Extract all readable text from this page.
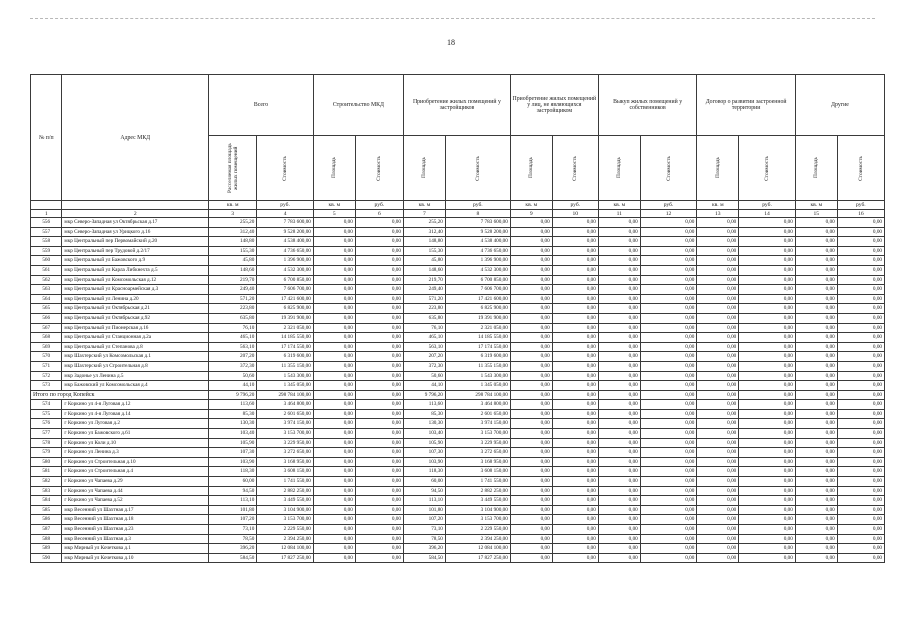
18
№ п/п	Адрес МКД	Всего		Строительство МКД		Приобретение жилых помещений у застройщиков		Приобретение жилых помещений у лиц, не являющихся застройщиком		Выкуп жилых помещений у собственников		Договор о развитии застроенной территории		Другие	

		Расселяемая площадь жилых помещений	Стоимость	Площадь	Стоимость	Площадь	Стоимость	Площадь	Стоимость	Площадь	Стоимость	Площадь	Стоимость	Площадь	Стоимость

		кв. м	руб.	кв. м	руб.	кв. м	руб.	кв. м	руб.	кв. м	руб.	кв. м	руб.	кв. м	руб.
1	2	3	4	5	6	7	8	9	10	11	12	13	14	15	16
556	мкр Северо-Западная ул Октябрьская д.17	255,20	7 783 600,00	0,00	0,00	255,20	7 783 600,00	0,00	0,00	0,00	0,00	0,00	0,00	0,00	0,00
557	мкр Северо-Западная ул Урицкого д.16	312,40	9 528 200,00	0,00	0,00	312,40	9 528 200,00	0,00	0,00	0,00	0,00	0,00	0,00	0,00	0,00
558	мкр Центральный пер Первомайский д.20	148,80	4 538 400,00	0,00	0,00	148,80	4 538 400,00	0,00	0,00	0,00	0,00	0,00	0,00	0,00	0,00
559	мкр Центральный пер Трудовой д.2/17	155,30	4 736 650,00	0,00	0,00	155,30	4 736 650,00	0,00	0,00	0,00	0,00	0,00	0,00	0,00	0,00
560	мкр Центральный ул Бажовского д.9	45,80	1 396 900,00	0,00	0,00	45,80	1 396 900,00	0,00	0,00	0,00	0,00	0,00	0,00	0,00	0,00
561	мкр Центральный ул Карла Либкнехта д.5	148,60	4 532 300,00	0,00	0,00	148,60	4 532 300,00	0,00	0,00	0,00	0,00	0,00	0,00	0,00	0,00
562	мкр Центральный ул Комсомольская д.12	219,70	6 700 850,00	0,00	0,00	219,70	6 700 850,00	0,00	0,00	0,00	0,00	0,00	0,00	0,00	0,00
563	мкр Центральный ул Красноармейская д.3	249,40	7 606 700,00	0,00	0,00	249,40	7 606 700,00	0,00	0,00	0,00	0,00	0,00	0,00	0,00	0,00
564	мкр Центральный ул Ленина д.20	571,20	17 421 600,00	0,00	0,00	571,20	17 421 600,00	0,00	0,00	0,00	0,00	0,00	0,00	0,00	0,00
565	мкр Центральный ул Октябрьская д.21	223,80	6 825 900,00	0,00	0,00	223,80	6 825 900,00	0,00	0,00	0,00	0,00	0,00	0,00	0,00	0,00
566	мкр Центральный ул Октябрьская д.92	635,80	19 391 900,00	0,00	0,00	635,80	19 391 900,00	0,00	0,00	0,00	0,00	0,00	0,00	0,00	0,00
567	мкр Центральный ул Пионерская д.16	76,10	2 321 050,00	0,00	0,00	76,10	2 321 050,00	0,00	0,00	0,00	0,00	0,00	0,00	0,00	0,00
568	мкр Центральный ул Станционная д.2а	465,10	14 185 550,00	0,00	0,00	465,10	14 185 550,00	0,00	0,00	0,00	0,00	0,00	0,00	0,00	0,00
569	мкр Центральный ул Степанова д.8	563,10	17 174 550,00	0,00	0,00	563,10	17 174 550,00	0,00	0,00	0,00	0,00	0,00	0,00	0,00	0,00
570	мкр Шахтерский ул Комсомольская д.1	207,20	6 319 600,00	0,00	0,00	207,20	6 319 600,00	0,00	0,00	0,00	0,00	0,00	0,00	0,00	0,00
571	мкр Шахтерский ул Строительная д.8	372,30	11 355 150,00	0,00	0,00	372,30	11 355 150,00	0,00	0,00	0,00	0,00	0,00	0,00	0,00	0,00
572	мкр Задонье ул Ленина д.5	50,60	1 543 300,00	0,00	0,00	50,60	1 543 300,00	0,00	0,00	0,00	0,00	0,00	0,00	0,00	0,00
573	мкр Бажовский ул Комсомольская д.4	44,10	1 345 050,00	0,00	0,00	44,10	1 345 050,00	0,00	0,00	0,00	0,00	0,00	0,00	0,00	0,00
Итого по город Копейск		9 796,20	298 784 100,00	0,00	0,00	9 796,20	298 784 100,00	0,00	0,00	0,00	0,00	0,00	0,00	0,00	0,00
574	г Коркино ул 4-я Луговая д.12	113,60	3 464 800,00	0,00	0,00	113,60	3 464 800,00	0,00	0,00	0,00	0,00	0,00	0,00	0,00	0,00
575	г Коркино ул 4-я Луговая д.14	85,30	2 601 650,00	0,00	0,00	85,30	2 601 650,00	0,00	0,00	0,00	0,00	0,00	0,00	0,00	0,00
576	г Коркино ул Луговая д.2	130,30	3 974 150,00	0,00	0,00	130,30	3 974 150,00	0,00	0,00	0,00	0,00	0,00	0,00	0,00	0,00
577	г Коркино ул Бажовского д.61	103,40	3 153 700,00	0,00	0,00	103,40	3 153 700,00	0,00	0,00	0,00	0,00	0,00	0,00	0,00	0,00
578	г Коркино ул Коли д.10	105,90	3 229 950,00	0,00	0,00	105,90	3 229 950,00	0,00	0,00	0,00	0,00	0,00	0,00	0,00	0,00
579	г Коркино ул Ленина д.3	107,30	3 272 650,00	0,00	0,00	107,30	3 272 650,00	0,00	0,00	0,00	0,00	0,00	0,00	0,00	0,00
580	г Коркино ул Строительная д.10	103,90	3 168 950,00	0,00	0,00	103,90	3 168 950,00	0,00	0,00	0,00	0,00	0,00	0,00	0,00	0,00
581	г Коркино ул Строительная д.4	118,30	3 608 150,00	0,00	0,00	118,30	3 608 150,00	0,00	0,00	0,00	0,00	0,00	0,00	0,00	0,00
582	г Коркино ул Чапаева д.29	60,00	1 741 550,00	0,00	0,00	60,00	1 741 550,00	0,00	0,00	0,00	0,00	0,00	0,00	0,00	0,00
583	г Коркино ул Чапаева д.44	94,50	2 882 250,00	0,00	0,00	94,50	2 882 250,00	0,00	0,00	0,00	0,00	0,00	0,00	0,00	0,00
584	г Коркино ул Чапаева д.52	113,10	3 449 550,00	0,00	0,00	113,10	3 449 550,00	0,00	0,00	0,00	0,00	0,00	0,00	0,00	0,00
585	мкр Весенний ул Шахтная д.17	101,80	3 104 900,00	0,00	0,00	101,80	3 104 900,00	0,00	0,00	0,00	0,00	0,00	0,00	0,00	0,00
586	мкр Весенний ул Шахтная д.18	107,20	3 153 700,00	0,00	0,00	107,20	3 153 700,00	0,00	0,00	0,00	0,00	0,00	0,00	0,00	0,00
587	мкр Весенний ул Шахтная д.23	73,10	2 229 550,00	0,00	0,00	73,10	2 229 550,00	0,00	0,00	0,00	0,00	0,00	0,00	0,00	0,00
588	мкр Весенний ул Шахтная д.3	78,50	2 394 250,00	0,00	0,00	78,50	2 394 250,00	0,00	0,00	0,00	0,00	0,00	0,00	0,00	0,00
589	мкр Мирный ул Кочеткова д.1	396,20	12 084 100,00	0,00	0,00	396,20	12 084 100,00	0,00	0,00	0,00	0,00	0,00	0,00	0,00	0,00
590	мкр Мирный ул Кочеткова д.10	584,50	17 827 250,00	0,00	0,00	584,50	17 827 250,00	0,00	0,00	0,00	0,00	0,00	0,00	0,00	0,00
